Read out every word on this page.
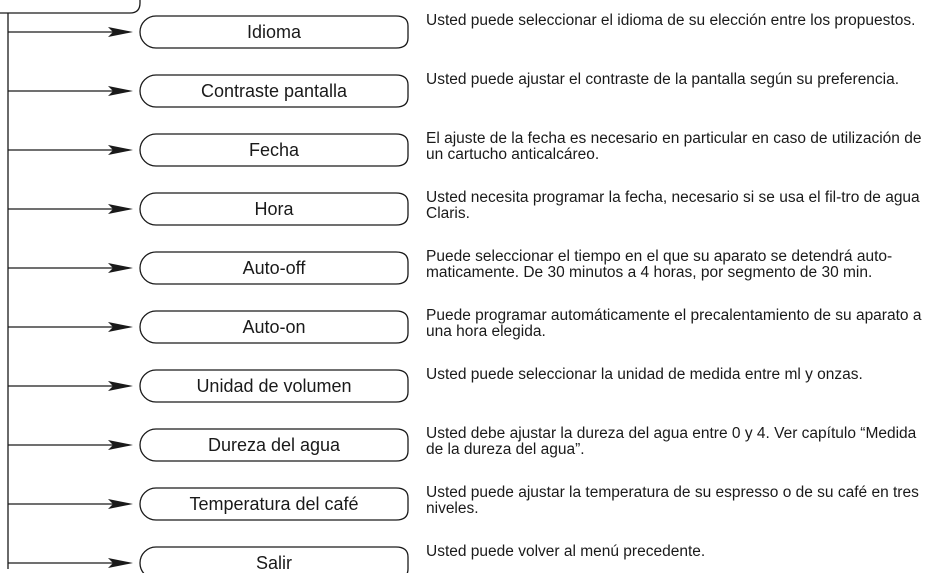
Idioma
Contraste pantalla
Fecha
Hora
Auto-off
Auto-on
Unidad de volumen
Dureza del agua
Temperatura del café
Salir

Usted puede seleccionar el idioma de su elección entre los propuestos.

Usted puede ajustar el contraste de la pantalla según su preferencia.

El ajuste de la fecha es necesario en particular en caso de utilización de un cartucho anticalcáreo.

Usted necesita programar la fecha, necesario si se usa el fil-tro de agua Claris.

Puede seleccionar el tiempo en el que su aparato se detendrá auto-maticamente. De 30 minutos a 4 horas, por segmento de 30 min.

Puede programar automáticamente el precalentamiento de su aparato a una hora elegida.

Usted puede seleccionar la unidad de medida entre ml y onzas.

Usted debe ajustar la dureza del agua entre 0 y 4. Ver capítulo “Medida de la dureza del agua”.

Usted puede ajustar la temperatura de su espresso o de su café en tres niveles.

Usted puede volver al menú precedente.
